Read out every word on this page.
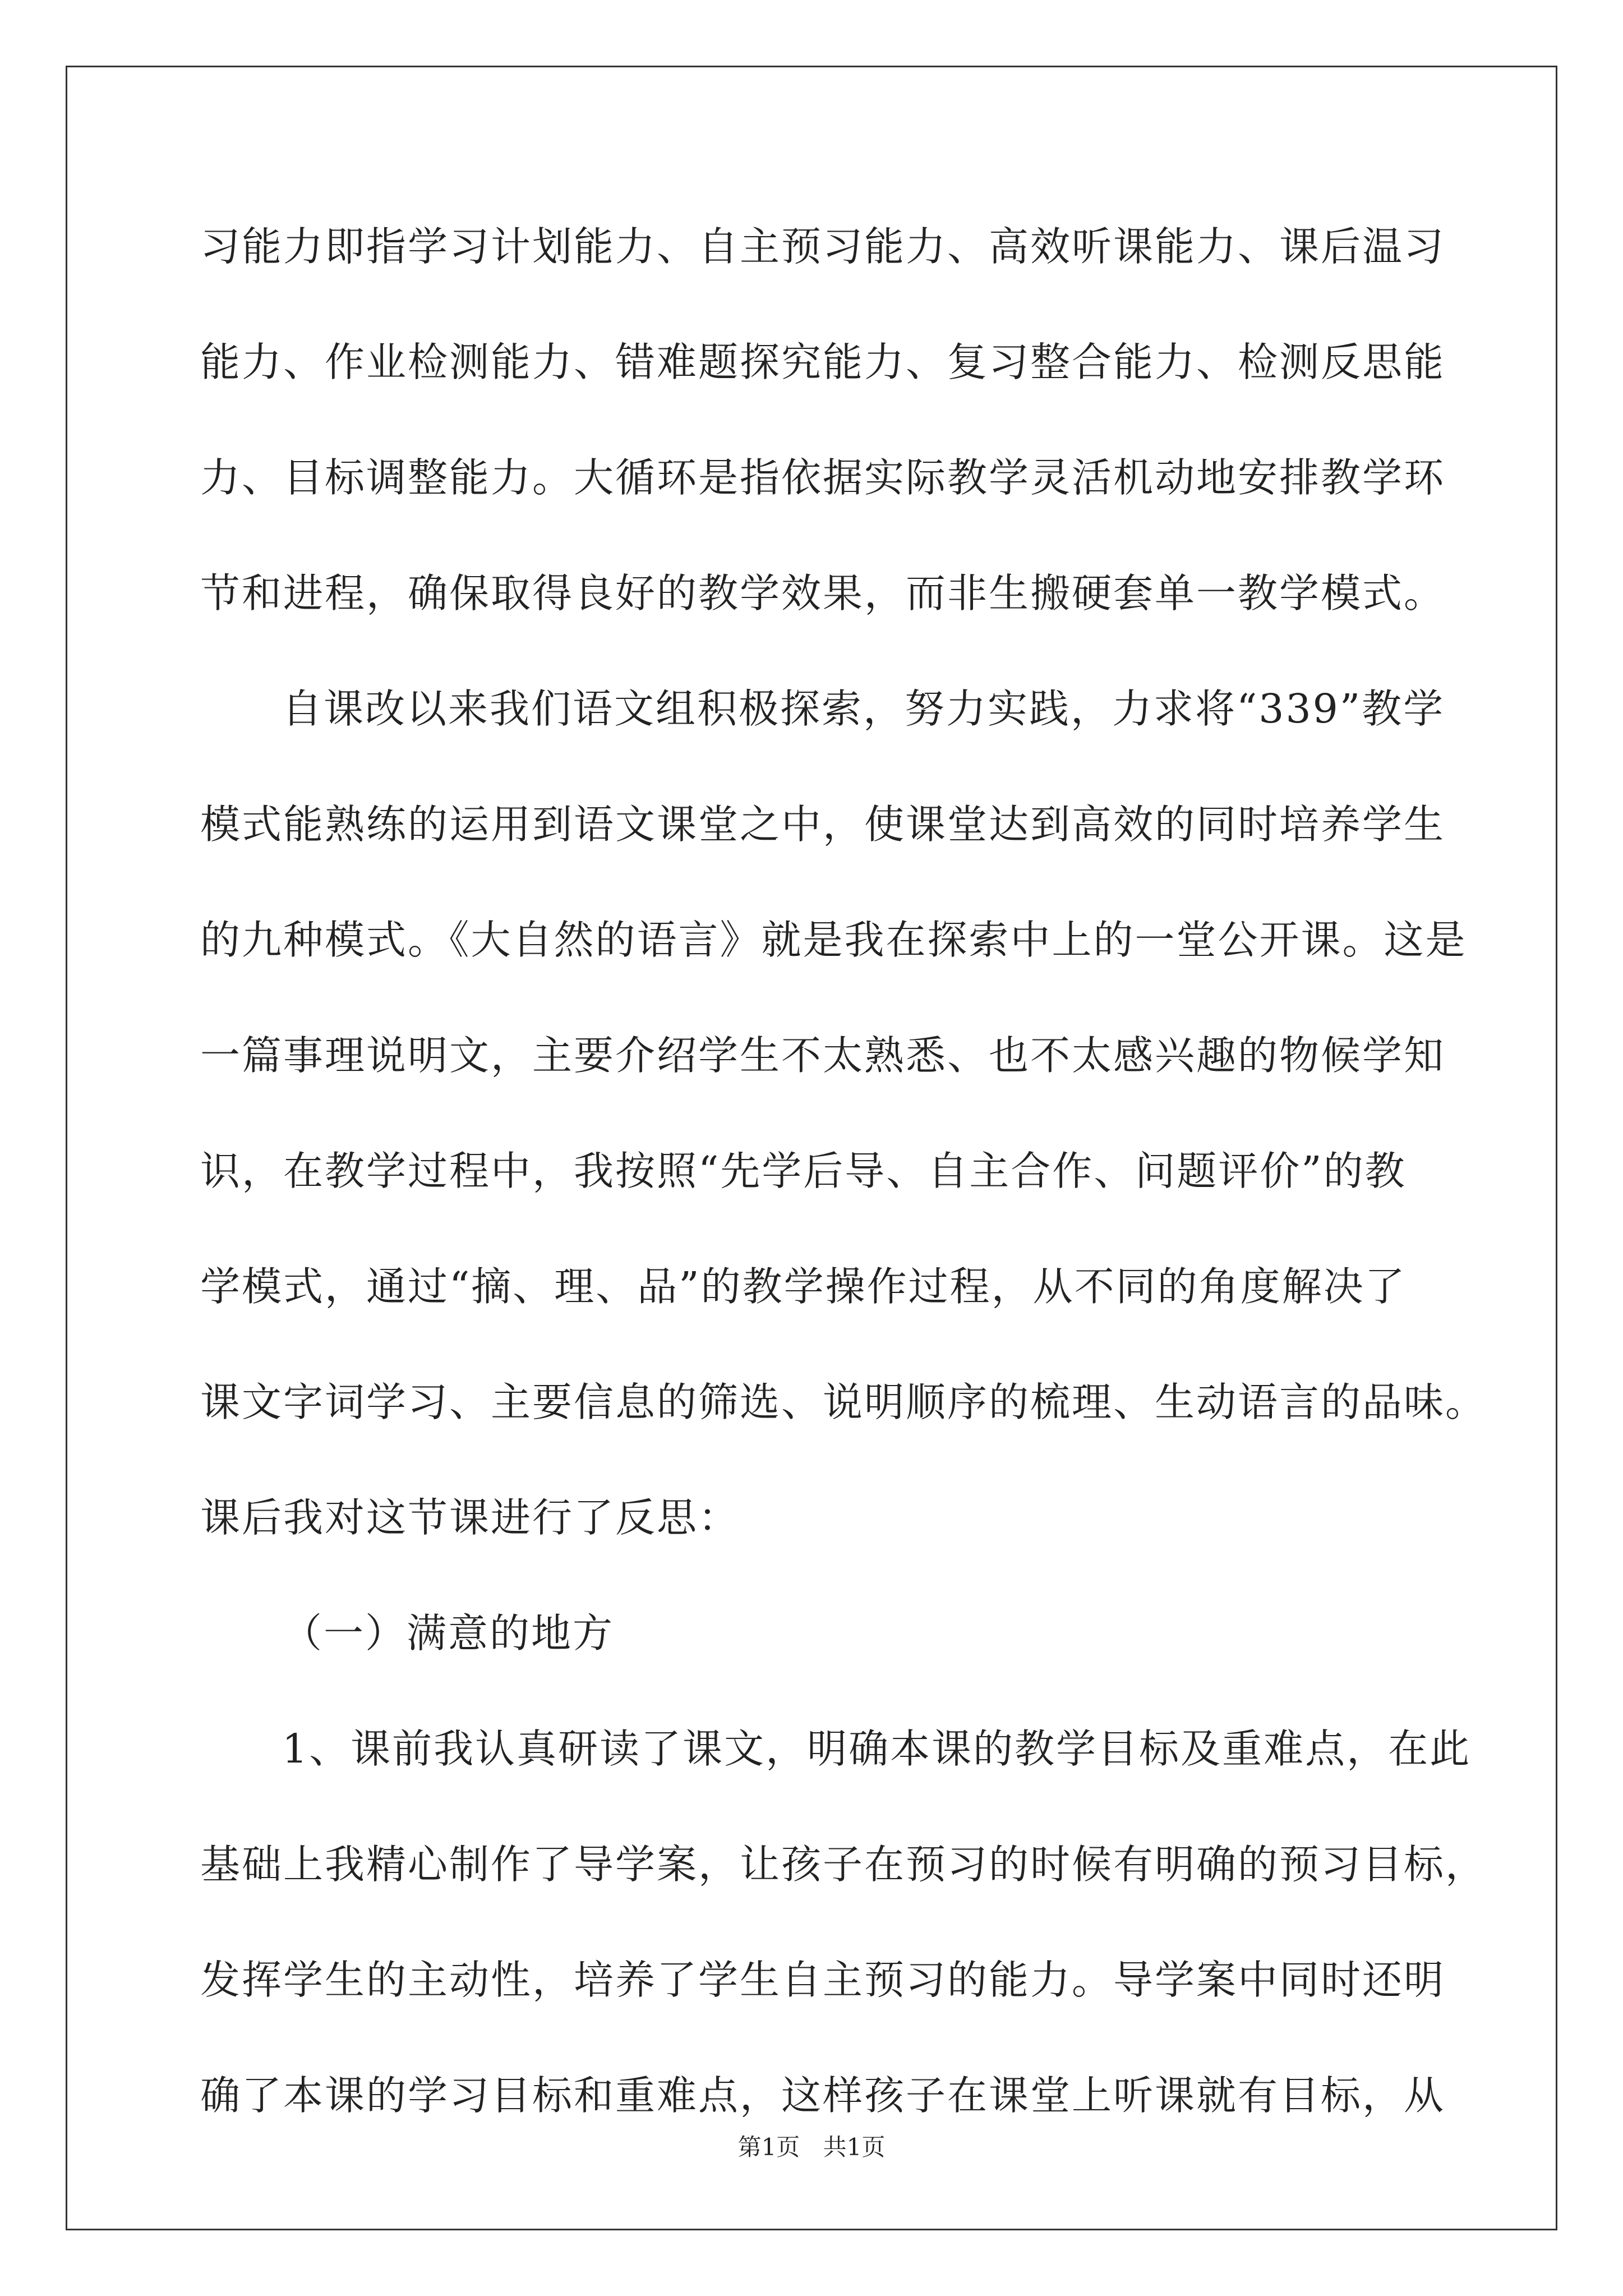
习能力即指学习计划能力、自主预习能力、高效听课能力、课后温习
能力、作业检测能力、错难题探究能力、复习整合能力、检测反思能
力、目标调整能力。大循环是指依据实际教学灵活机动地安排教学环
节和进程，确保取得良好的教学效果，而非生搬硬套单一教学模式。
自课改以来我们语文组积极探索，努力实践，力求将“339”教学
模式能熟练的运用到语文课堂之中，使课堂达到高效的同时培养学生
的九种模式。《大自然的语言》就是我在探索中上的一堂公开课。这是
一篇事理说明文，主要介绍学生不太熟悉、也不太感兴趣的物候学知
识，在教学过程中，我按照“先学后导、自主合作、问题评价”的教
学模式，通过“摘、理、品”的教学操作过程，从不同的角度解决了
课文字词学习、主要信息的筛选、说明顺序的梳理、生动语言的品味。
课后我对这节课进行了反思：
（一）满意的地方
1、课前我认真研读了课文，明确本课的教学目标及重难点，在此
基础上我精心制作了导学案，让孩子在预习的时候有明确的预习目标，
发挥学生的主动性，培养了学生自主预习的能力。导学案中同时还明
确了本课的学习目标和重难点，这样孩子在课堂上听课就有目标，从
第1页 共1页
